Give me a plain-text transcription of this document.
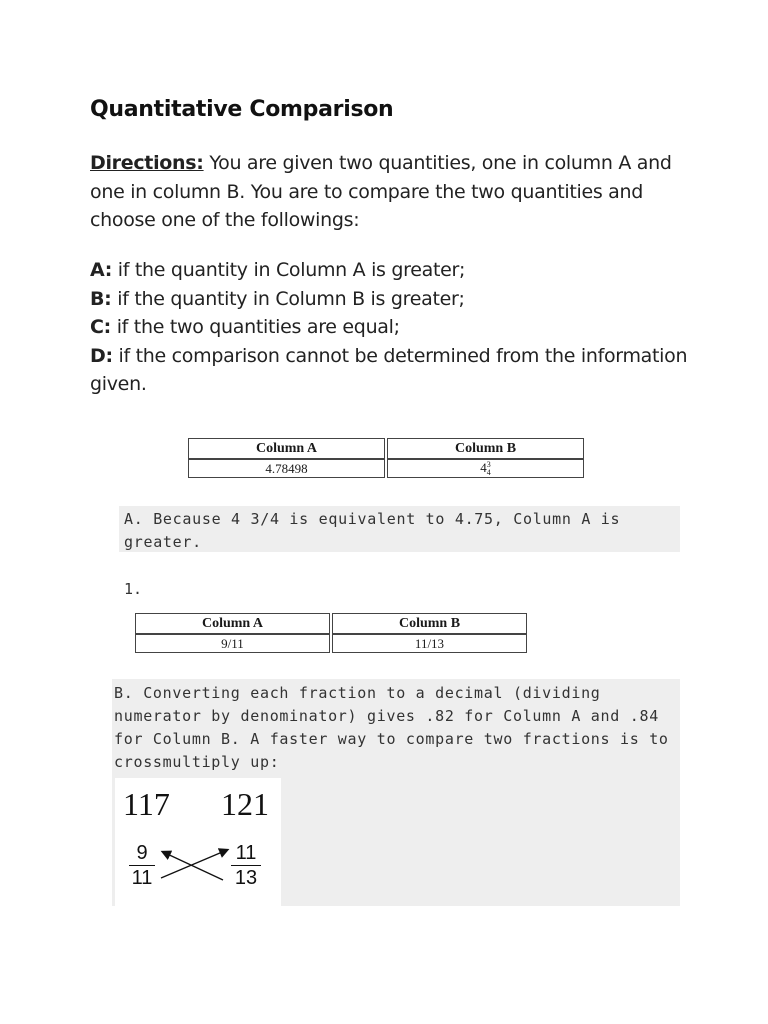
Quantitative Comparison
Directions: You are given two quantities, one in column A and one in column B. You are to compare the two quantities and choose one of the followings:
A: if the quantity in Column A is greater;
B: if the quantity in Column B is greater;
C: if the two quantities are equal;
D: if the comparison cannot be determined from the information given.
Column A	Column B
4.78498	4 3
4

A. Because 4 3/4 is equivalent to 4.75, Column A is greater.

1.
Column A	Column B
9/11	11/13

B. Converting each fraction to a decimal (dividing numerator by denominator) gives .82 for Column A and .84 for Column B. A faster way to compare two fractions is to crossmultiply up:

117 121
9
11
11
13
